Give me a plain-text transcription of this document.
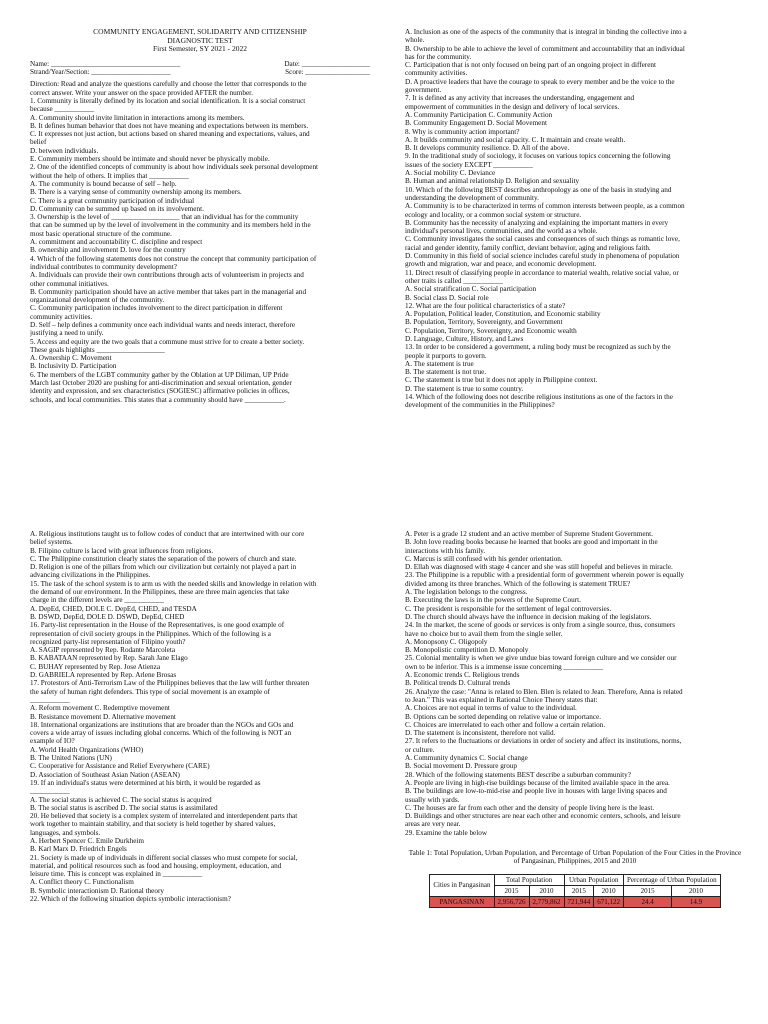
COMMUNITY ENGAGEMENT, SOLIDARITY AND CITIZENSHIP
DIAGNOSTIC TEST
First Semester, SY 2021 - 2022
Name: ____________________________________	Date: ___________________
Strand/Year/Section: ______________________	Score: __________________
Direction: Read and analyze the questions carefully and choose the letter that corresponds to the
correct answer. Write your answer on the space provided AFTER the number.
1. Community is literally defined by its location and social identification. It is a social construct
because ___________
A. Community should invite limitation in interactions among its members.
B. It defines human behavior that does not have meaning and expectations between its members.
C. It expresses not just action, but actions based on shared meaning and expectations, values, and
belief
D. between individuals.
E. Community members should be intimate and should never be physically mobile.
2. One of the identified concepts of community is about how individuals seek personal development
without the help of others. It implies that ___________
A. The community is bound because of self – help.
B. There is a varying sense of community ownership among its members.
C. There is a great community participation of individual
D. Community can be summed up based on its involvement.
3. Ownership is the level of ___________________ that an individual has for the community
that can be summed up by the level of involvement in the community and its members held in the
most basic operational structure of the commune.
A. commitment and accountability C. discipline and respect
B. ownership and involvement D. love for the country
4. Which of the following statements does not construe the concept that community participation of
individual contributes to community development?
A. Individuals can provide their own contributions through acts of volunteerism in projects and
other communal initiatives.
B. Community participation should have an active member that takes part in the managerial and
organizational development of the community.
C. Community participation includes involvement to the direct participation in different
community activities.
D. Self – help defines a community once each individual wants and needs interact, therefore
justifying a need to unify.
5. Access and equity are the two goals that a commune must strive for to create a better society.
These goals highlights ___________________
A. Ownership C. Movement
B. Inclusivity D. Participation
6. The members of the LGBT community gather by the Oblation at UP Diliman, UP Pride
March last October 2020 are pushing for anti-discrimination and sexual orientation, gender
identity and expression, and sex characteristics (SOGIESC) affirmative policies in offices,
schools, and local communities. This states that a community should have ___________.
A. Inclusion as one of the aspects of the community that is integral in binding the collective into a
whole.
B. Ownership to be able to achieve the level of commitment and accountability that an individual
has for the community.
C. Participation that is not only focused on being part of an ongoing project in different
community activities.
D. A proactive leaders that have the courage to speak to every member and be the voice to the
government.
7. It is defined as any activity that increases the understanding, engagement and
empowerment of communities in the design and delivery of local services.
A. Community Participation C. Community Action
B. Community Engagement D. Social Movement
8. Why is community action important?
A. It builds community and social capacity. C. It maintain and create wealth.
B. It develops community resilience. D. All of the above.
9. In the traditional study of sociology, it focuses on various topics concerning the following
issues of the society EXCEPT ___________
A. Social mobility C. Deviance
B. Human and animal relationship D. Religion and sexuality
10. Which of the following BEST describes anthropology as one of the basis in studying and
understanding the development of community.
A. Community is to be characterized in terms of common interests between people, as a common
ecology and locality, or a common social system or structure.
B. Community has the necessity of analyzing and explaining the important matters in every
individual's personal lives, communities, and the world as a whole.
C. Community investigates the social causes and consequences of such things as romantic love,
racial and gender identity, family conflict, deviant behavior, aging and religious faith.
D. Community in this field of social science includes careful study in phenomena of population
growth and migration, war and peace, and economic development.
11. Direct result of classifying people in accordance to material wealth, relative social value, or
other traits is called ___________
A. Social stratification C. Social participation
B. Social class D. Social role
12. What are the four political characteristics of a state?
A. Population, Political leader, Constitution, and Economic stability
B. Population, Territory, Sovereignty, and Government
C. Population, Territory, Sovereignty, and Economic wealth
D. Language, Culture, History, and Laws
13. In order to be considered a government, a ruling body must be recognized as such by the
people it purports to govern.
A. The statement is true
B. The statement is not true.
C. The statement is true but it does not apply in Philippine context.
D. The statement is true to some country.
14. Which of the following does not describe religious institutions as one of the factors in the
development of the communities in the Philippines?
A. Religious institutions taught us to follow codes of conduct that are intertwined with our core
belief systems.
B. Filipino culture is laced with great influences from religions.
C. The Philippine constitution clearly states the separation of the powers of church and state.
D. Religion is one of the pillars from which our civilization but certainly not played a part in
advancing civilizations in the Philippines.
15. The task of the school system is to arm us with the needed skills and knowledge in relation with
the demand of our environment. In the Philippines, these are three main agencies that take
charge in the different levels are ___________
A. DepEd, CHED, DOLE C. DepEd, CHED, and TESDA
B. DSWD, DepEd, DOLE D. DSWD, DepEd, CHED
16. Party-list representation in the House of the Representatives, is one good example of
representation of civil society groups in the Philippines. Which of the following is a
recognized party-list representation of Filipino youth?
A. SAGIP represented by Rep. Rodante Marcoleta
B. KABATAAN represented by Rep. Sarah Jane Elago
C. BUHAY represented by Rep. Jose Atienza
D. GABRIELA represented by Rep. Arlene Brosas
17. Protestors of Anti-Terrorism Law of the Philippines believes that the law will further threaten
the safety of human right defenders. This type of social movement is an example of
___________
A. Reform movement C. Redemptive movement
B. Resistance movement D. Alternative movement
18. International organizations are institutions that are broader than the NGOs and GOs and
covers a wide array of issues including global concerns. Which of the following is NOT an
example of IO?
A. World Health Organizations (WHO)
B. The United Nations (UN)
C. Cooperative for Assistance and Relief Everywhere (CARE)
D. Association of Southeast Asian Nation (ASEAN)
19. If an individual's status were determined at his birth, it would be regarded as
___________
A. The social status is achieved C. The social status is acquired
B. The social status is ascribed D. The social status is assimilated
20. He believed that society is a complex system of interrelated and interdependent parts that
work together to maintain stability, and that society is held together by shared values,
languages, and symbols.
A. Herbert Spencer C. Emile Durkheim
B. Karl Marx D. Friedrich Engels
21. Society is made up of individuals in different social classes who must compete for social,
material, and political resources such as food and housing, employment, education, and
leisure time. This is concept was explained in ___________
A. Conflict theory C. Functionalism
B. Symbolic interactionism D. Rational theory
22. Which of the following situation depicts symbolic interactionism?
A. Peter is a grade 12 student and an active member of Supreme Student Government.
B. John love reading books because he learned that books are good and important in the
interactions with his family.
C. Marcus is still confused with his gender orientation.
D. Ellah was diagnosed with stage 4 cancer and she was still hopeful and believes in miracle.
23. The Philippine is a republic with a presidential form of government wherein power is equally
divided among its three branches. Which of the following is statement TRUE?
A. The legislation belongs to the congress.
B. Executing the laws is in the powers of the Supreme Court.
C. The president is responsible for the settlement of legal controversies.
D. The church should always have the influence in decision making of the legislators.
24. In the market, the scene of goods or services is only from a single source, thus, consumers
have no choice but to avail them from the single seller.
A. Monopsony C. Oligopoly
B. Monopolistic competition D. Monopoly
25. Colonial mentality is when we give undue bias toward foreign culture and we consider our
own to be inferior. This is a immense issue concerning ___________
A. Economic trends C. Religious trends
B. Political trends D. Cultural trends
26. Analyze the case: "Anna is related to Blen. Blen is related to Jean. Therefore, Anna is related
to Jean." This was explained in Rational Choice Theory states that:
A. Choices are not equal in terms of value to the individual.
B. Options can be sorted depending on relative value or importance.
C. Choices are interrelated to each other and follow a certain relation.
D. The statement is inconsistent, therefore not valid.
27. It refers to the fluctuations or deviations in order of society and affect its institutions, norms,
or culture.
A. Community dynamics C. Social change
B. Social movement D. Pressure group
28. Which of the following statements BEST describe a suburban community?
A. People are living in high-rise buildings because of the limited available space in the area.
B. The buildings are low-to-mid-rise and people live in houses with large living spaces and
usually with yards.
C. The houses are far from each other and the density of people living here is the least.
D. Buildings and other structures are near each other and economic centers, schools, and leisure
areas are very near.
29. Examine the table below
Table 1: Total Population, Urban Population, and Percentage of Urban Population of the Four Cities in the Province of Pangasinan, Philippines, 2015 and 2010
Cities in Pangasinan	Total Population		Urban Population		Percentage of Urban Population	
	2015	2010	2015	2010	2015	2010
PANGASINAN	2,956,726	2,779,862	721,944	671,122	24.4	14.9
